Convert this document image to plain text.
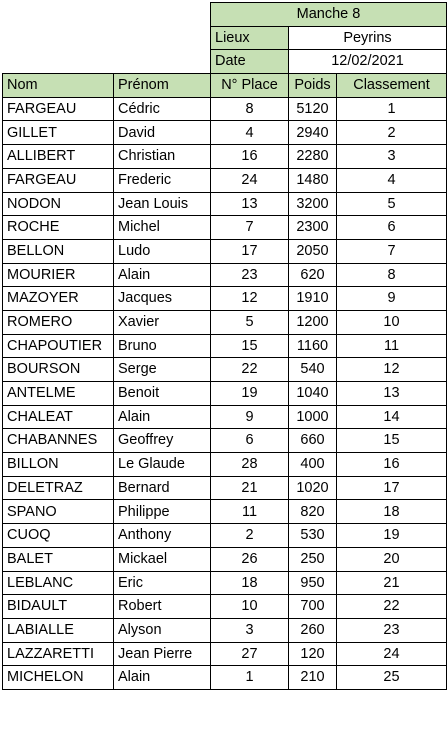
		Manche 8		
		Lieux	Peyrins	
		Date	12/02/2021	
Nom	Prénom	N° Place	Poids	Classement
FARGEAU	Cédric	8	5120	1
GILLET	David	4	2940	2
ALLIBERT	Christian	16	2280	3
FARGEAU	Frederic	24	1480	4
NODON	Jean Louis	13	3200	5
ROCHE	Michel	7	2300	6
BELLON	Ludo	17	2050	7
MOURIER	Alain	23	620	8
MAZOYER	Jacques	12	1910	9
ROMERO	Xavier	5	1200	10
CHAPOUTIER	Bruno	15	1160	11
BOURSON	Serge	22	540	12
ANTELME	Benoit	19	1040	13
CHALEAT	Alain	9	1000	14
CHABANNES	Geoffrey	6	660	15
BILLON	Le Glaude	28	400	16
DELETRAZ	Bernard	21	1020	17
SPANO	Philippe	11	820	18
CUOQ	Anthony	2	530	19
BALET	Mickael	26	250	20
LEBLANC	Eric	18	950	21
BIDAULT	Robert	10	700	22
LABIALLE	Alyson	3	260	23
LAZZARETTI	Jean Pierre	27	120	24
MICHELON	Alain	1	210	25
